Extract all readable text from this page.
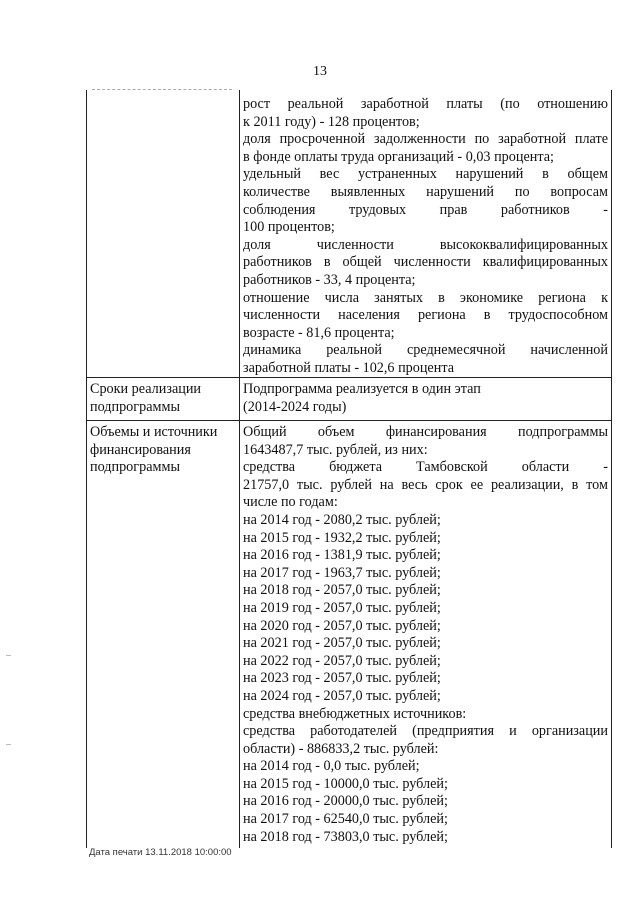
13
рост реальной заработной платы (по отношению
к 2011 году) - 128 процентов;
доля просроченной задолженности по заработной плате
в фонде оплаты труда организаций - 0,03 процента;
удельный вес устраненных нарушений в общем
количестве выявленных нарушений по вопросам
соблюдения трудовых прав работников -
100 процентов;
доля численности высококвалифицированных
работников в общей численности квалифицированных
работников - 33, 4 процента;
отношение числа занятых в экономике региона к
численности населения региона в трудоспособном
возрасте - 81,6 процента;
динамика реальной среднемесячной начисленной
заработной платы - 102,6 процента
Сроки реализации
подпрограммы
Подпрограмма реализуется в один этап
(2014-2024 годы)
Объемы и источники
финансирования
подпрограммы
Общий объем финансирования подпрограммы
1643487,7 тыс. рублей, из них:
средства бюджета Тамбовской области -
21757,0 тыс. рублей на весь срок ее реализации, в том
числе по годам:
на 2014 год - 2080,2 тыс. рублей;
на 2015 год - 1932,2 тыс. рублей;
на 2016 год - 1381,9 тыс. рублей;
на 2017 год - 1963,7 тыс. рублей;
на 2018 год - 2057,0 тыс. рублей;
на 2019 год - 2057,0 тыс. рублей;
на 2020 год - 2057,0 тыс. рублей;
на 2021 год - 2057,0 тыс. рублей;
на 2022 год - 2057,0 тыс. рублей;
на 2023 год - 2057,0 тыс. рублей;
на 2024 год - 2057,0 тыс. рублей;
средства внебюджетных источников:
средства работодателей (предприятия и организации
области) - 886833,2 тыс. рублей:
на 2014 год - 0,0 тыс. рублей;
на 2015 год - 10000,0 тыс. рублей;
на 2016 год - 20000,0 тыс. рублей;
на 2017 год - 62540,0 тыс. рублей;
на 2018 год - 73803,0 тыс. рублей;
Дата печати 13.11.2018 10:00:00
